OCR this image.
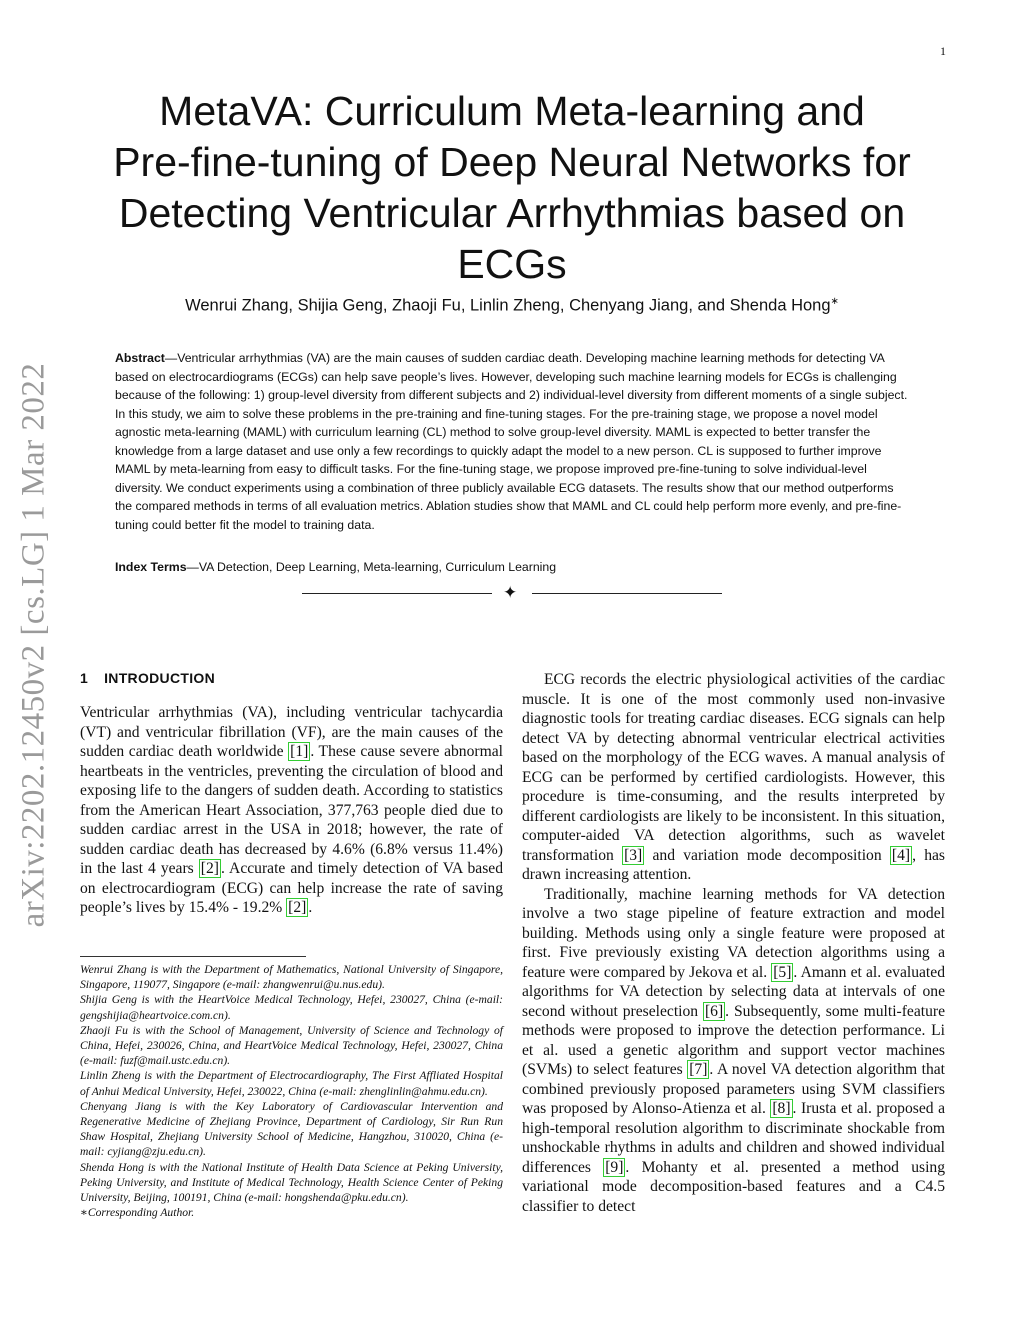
1
arXiv:2202.12450v2 [cs.LG] 1 Mar 2022
MetaVA: Curriculum Meta-learning and
Pre-fine-tuning of Deep Neural Networks for
Detecting Ventricular Arrhythmias based on
ECGs
Wenrui Zhang, Shijia Geng, Zhaoji Fu, Linlin Zheng, Chenyang Jiang, and Shenda Hong∗

Abstract—Ventricular arrhythmias (VA) are the main causes of sudden cardiac death. Developing machine learning methods for detecting VA based on electrocardiograms (ECGs) can help save people’s lives. However, developing such machine learning models for ECGs is challenging because of the following: 1) group-level diversity from different subjects and 2) individual-level diversity from different moments of a single subject. In this study, we aim to solve these problems in the pre-training and fine-tuning stages. For the pre-training stage, we propose a novel model agnostic meta-learning (MAML) with curriculum learning (CL) method to solve group-level diversity. MAML is expected to better transfer the knowledge from a large dataset and use only a few recordings to quickly adapt the model to a new person. CL is supposed to further improve MAML by meta-learning from easy to difficult tasks. For the fine-tuning stage, we propose improved pre-fine-tuning to solve individual-level diversity. We conduct experiments using a combination of three publicly available ECG datasets. The results show that our method outperforms the compared methods in terms of all evaluation metrics. Ablation studies show that MAML and CL could help perform more evenly, and pre-fine-tuning could better fit the model to training data.

Index Terms—VA Detection, Deep Learning, Meta-learning, Curriculum Learning

✦
1 INTRODUCTION

Ventricular arrhythmias (VA), including ventricular tachycardia (VT) and ventricular fibrillation (VF), are the main causes of the sudden cardiac death worldwide [1] . These cause severe abnormal heartbeats in the ventricles, preventing the circulation of blood and exposing life to the dangers of sudden death. According to statistics from the American Heart Association, 377,763 people died due to sudden cardiac arrest in the USA in 2018; however, the rate of sudden cardiac death has decreased by 4.6% (6.8% versus 11.4%) in the last 4 years [2] . Accurate and timely detection of VA based on electrocardiogram (ECG) can help increase the rate of saving people’s lives by 15.4% - 19.2% [2] .

Wenrui Zhang is with the Department of Mathematics, National University of Singapore, Singapore, 119077, Singapore (e-mail: zhangwenrui@u.nus.edu).

Shijia Geng is with the HeartVoice Medical Technology, Hefei, 230027, China (e-mail: gengshijia@heartvoice.com.cn).

Zhaoji Fu is with the School of Management, University of Science and Technology of China, Hefei, 230026, China, and HeartVoice Medical Technology, Hefei, 230027, China (e-mail: fuzf@mail.ustc.edu.cn).

Linlin Zheng is with the Department of Electrocardiography, The First Affliated Hospital of Anhui Medical University, Hefei, 230022, China (e-mail: zhenglinlin@ahmu.edu.cn).

Chenyang Jiang is with the Key Laboratory of Cardiovascular Intervention and Regenerative Medicine of Zhejiang Province, Department of Cardiology, Sir Run Run Shaw Hospital, Zhejiang University School of Medicine, Hangzhou, 310020, China (e-mail: cyjiang@zju.edu.cn).

Shenda Hong is with the National Institute of Health Data Science at Peking University, Peking University, and Institute of Medical Technology, Health Science Center of Peking University, Beijing, 100191, China (e-mail: hongshenda@pku.edu.cn).

∗Corresponding Author.

ECG records the electric physiological activities of the cardiac muscle. It is one of the most commonly used non-invasive diagnostic tools for treating cardiac diseases. ECG signals can help detect VA by detecting abnormal ventricular electrical activities based on the morphology of the ECG waves. A manual analysis of ECG can be performed by certified cardiologists. However, this procedure is time-consuming, and the results interpreted by different cardiologists are likely to be inconsistent. In this situation, computer-aided VA detection algorithms, such as wavelet transformation [3] and variation mode decomposition [4] , has drawn increasing attention.

Traditionally, machine learning methods for VA detection involve a two stage pipeline of feature extraction and model building. Methods using only a single feature were proposed at first. Five previously existing VA detection algorithms using a feature were compared by Jekova et al. [5] . Amann et al. evaluated algorithms for VA detection by selecting data at intervals of one second without preselection [6] . Subsequently, some multi-feature methods were proposed to improve the detection performance. Li et al. used a genetic algorithm and support vector machines (SVMs) to select features [7] . A novel VA detection algorithm that combined previously proposed parameters using SVM classifiers was proposed by Alonso-Atienza et al. [8] . Irusta et al. proposed a high-temporal resolution algorithm to discriminate shockable from unshockable rhythms in adults and children and showed individual differences [9] . Mohanty et al. presented a method using variational mode decomposition-based features and a C4.5 classifier to detect
